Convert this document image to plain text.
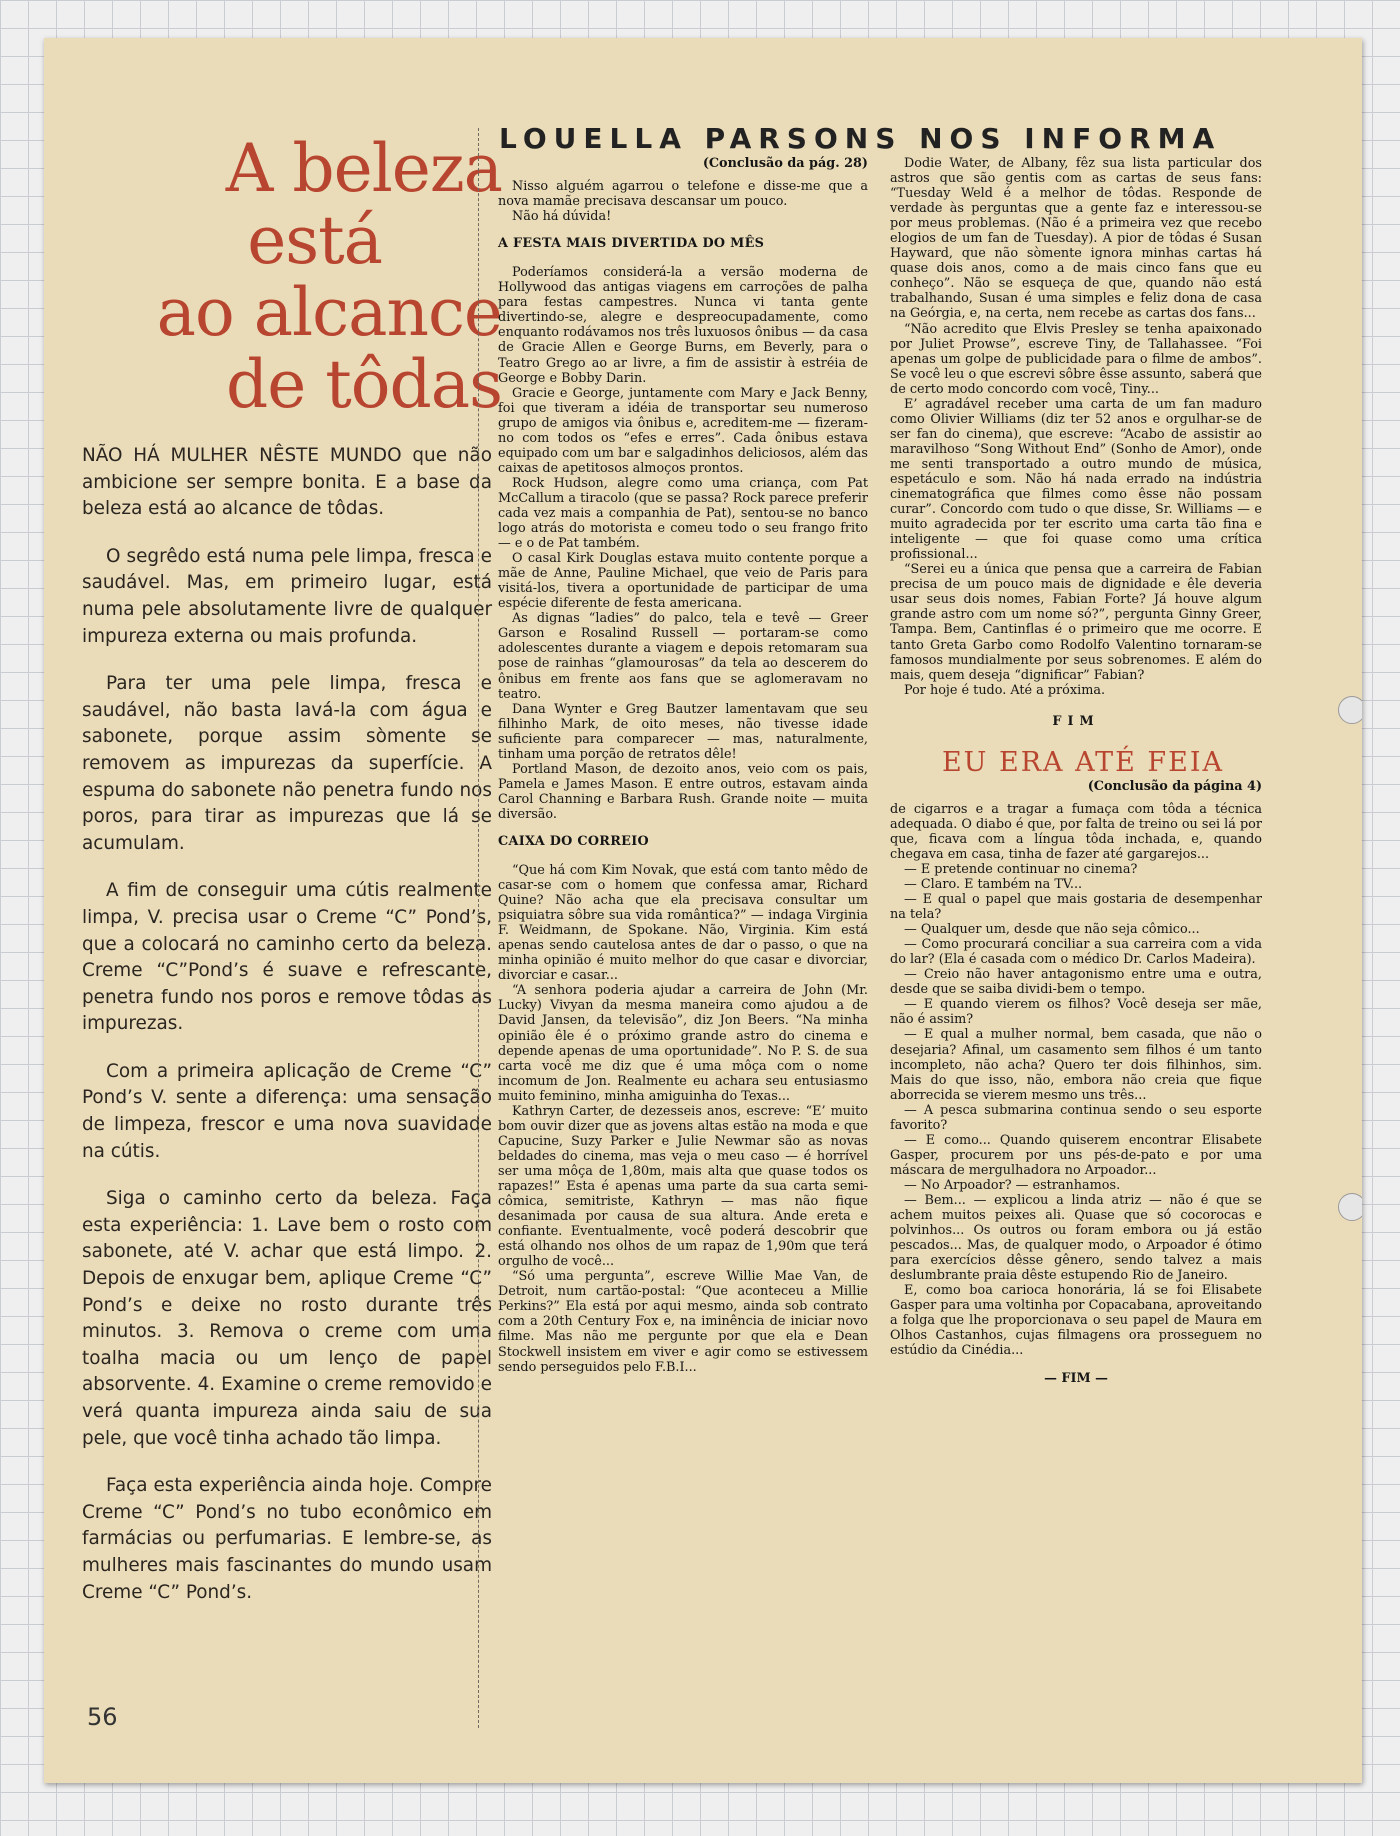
A beleza
está
ao alcance
de tôdas

NÃO HÁ MULHER NÊSTE MUNDO que não ambicione ser sempre bonita. E a base da beleza está ao alcance de tôdas.

O segrêdo está numa pele limpa, fresca e saudável. Mas, em primeiro lugar, está numa pele absolutamente livre de qualquer impureza externa ou mais profunda.

Para ter uma pele limpa, fresca e saudável, não basta lavá-la com água e sabonete, porque assim sòmente se removem as impurezas da superfície. A espuma do sabonete não penetra fundo nos poros, para tirar as impurezas que lá se acumulam.

A fim de conseguir uma cútis realmente limpa, V. precisa usar o Creme “C” Pond’s, que a colocará no caminho certo da beleza. Creme “C”Pond’s é suave e refrescante, penetra fundo nos poros e remove tôdas as impurezas.

Com a primeira aplicação de Creme “C” Pond’s V. sente a diferença: uma sensação de limpeza, frescor e uma nova suavidade na cútis.

Siga o caminho certo da beleza. Faça esta experiência: 1. Lave bem o rosto com sabonete, até V. achar que está limpo. 2. Depois de enxugar bem, aplique Creme “C” Pond’s e deixe no rosto durante três minutos. 3. Remova o creme com uma toalha macia ou um lenço de papel absorvente. 4. Examine o creme removido e verá quanta impureza ainda saiu de sua pele, que você tinha achado tão limpa.

Faça esta experiência ainda hoje. Compre Creme “C” Pond’s no tubo econômico em farmácias ou perfumarias. E lembre-se, as mulheres mais fascinantes do mundo usam Creme “C” Pond’s.

56
LOUELLA PARSONS NOS INFORMA

(Conclusão da pág. 28)

Nisso alguém agarrou o telefone e disse-me que a nova mamãe precisava descansar um pouco.

Não há dúvida!

A FESTA MAIS DIVERTIDA DO MÊS

Poderíamos considerá-la a versão moderna de Hollywood das antigas viagens em carroções de palha para festas campestres. Nunca vi tanta gente divertindo-se, alegre e despreocupadamente, como enquanto rodávamos nos três luxuosos ônibus — da casa de Gracie Allen e George Burns, em Beverly, para o Teatro Grego ao ar livre, a fim de assistir à estréia de George e Bobby Darin.

Gracie e George, juntamente com Mary e Jack Benny, foi que tiveram a idéia de transportar seu numeroso grupo de amigos via ônibus e, acreditem-me — fizeram-no com todos os “efes e erres”. Cada ônibus estava equipado com um bar e salgadinhos deliciosos, além das caixas de apetitosos almoços prontos.

Rock Hudson, alegre como uma criança, com Pat McCallum a tiracolo (que se passa? Rock parece preferir cada vez mais a companhia de Pat), sentou-se no banco logo atrás do motorista e comeu todo o seu frango frito — e o de Pat também.

O casal Kirk Douglas estava muito contente porque a mãe de Anne, Pauline Michael, que veio de Paris para visitá-los, tivera a oportunidade de participar de uma espécie diferente de festa americana.

As dignas “ladies” do palco, tela e tevê — Greer Garson e Rosalind Russell — portaram-se como adolescentes durante a viagem e depois retomaram sua pose de rainhas “glamourosas” da tela ao descerem do ônibus em frente aos fans que se aglomeravam no teatro.

Dana Wynter e Greg Bautzer lamentavam que seu filhinho Mark, de oito meses, não tivesse idade suficiente para comparecer — mas, naturalmente, tinham uma porção de retratos dêle!

Portland Mason, de dezoito anos, veio com os pais, Pamela e James Mason. E entre outros, estavam ainda Carol Channing e Barbara Rush. Grande noite — muita diversão.

CAIXA DO CORREIO

“Que há com Kim Novak, que está com tanto mêdo de casar-se com o homem que confessa amar, Richard Quine? Não acha que ela precisava consultar um psiquiatra sôbre sua vida romântica?” — indaga Virginia F. Weidmann, de Spokane. Não, Virginia. Kim está apenas sendo cautelosa antes de dar o passo, o que na minha opinião é muito melhor do que casar e divorciar, divorciar e casar...

“A senhora poderia ajudar a carreira de John (Mr. Lucky) Vivyan da mesma maneira como ajudou a de David Jansen, da televisão”, diz Jon Beers. “Na minha opinião êle é o próximo grande astro do cinema e depende apenas de uma oportunidade”. No P. S. de sua carta você me diz que é uma môça com o nome incomum de Jon. Realmente eu achara seu entusiasmo muito feminino, minha amiguinha do Texas...

Kathryn Carter, de dezesseis anos, escreve: “E’ muito bom ouvir dizer que as jovens altas estão na moda e que Capucine, Suzy Parker e Julie Newmar são as novas beldades do cinema, mas veja o meu caso — é horrível ser uma môça de 1,80m, mais alta que quase todos os rapazes!” Esta é apenas uma parte da sua carta semi-cômica, semitriste, Kathryn — mas não fique desanimada por causa de sua altura. Ande ereta e confiante. Eventualmente, você poderá descobrir que está olhando nos olhos de um rapaz de 1,90m que terá orgulho de você...

“Só uma pergunta”, escreve Willie Mae Van, de Detroit, num cartão-postal: “Que aconteceu a Millie Perkins?” Ela está por aqui mesmo, ainda sob contrato com a 20th Century Fox e, na iminência de iniciar novo filme. Mas não me pergunte por que ela e Dean Stockwell insistem em viver e agir como se estivessem sendo perseguidos pelo F.B.I...

Dodie Water, de Albany, fêz sua lista particular dos astros que são gentis com as cartas de seus fans: “Tuesday Weld é a melhor de tôdas. Responde de verdade às perguntas que a gente faz e interessou-se por meus problemas. (Não é a primeira vez que recebo elogios de um fan de Tuesday). A pior de tôdas é Susan Hayward, que não sòmente ignora minhas cartas há quase dois anos, como a de mais cinco fans que eu conheço”. Não se esqueça de que, quando não está trabalhando, Susan é uma simples e feliz dona de casa na Geórgia, e, na certa, nem recebe as cartas dos fans...

“Não acredito que Elvis Presley se tenha apaixonado por Juliet Prowse”, escreve Tiny, de Tallahassee. “Foi apenas um golpe de publicidade para o filme de ambos”. Se você leu o que escrevi sôbre êsse assunto, saberá que de certo modo concordo com você, Tiny...

E’ agradável receber uma carta de um fan maduro como Olivier Williams (diz ter 52 anos e orgulhar-se de ser fan do cinema), que escreve: “Acabo de assistir ao maravilhoso “Song Without End” (Sonho de Amor), onde me senti transportado a outro mundo de música, espetáculo e som. Não há nada errado na indústria cinematográfica que filmes como êsse não possam curar”. Concordo com tudo o que disse, Sr. Williams — e muito agradecida por ter escrito uma carta tão fina e inteligente — que foi quase como uma crítica profissional...

“Serei eu a única que pensa que a carreira de Fabian precisa de um pouco mais de dignidade e êle deveria usar seus dois nomes, Fabian Forte? Já houve algum grande astro com um nome só?”, pergunta Ginny Greer, Tampa. Bem, Cantinflas é o primeiro que me ocorre. E tanto Greta Garbo como Rodolfo Valentino tornaram-se famosos mundialmente por seus sobrenomes. E além do mais, quem deseja “dignificar” Fabian?

Por hoje é tudo. Até a próxima.

FIM

EU ERA ATÉ FEIA

(Conclusão da página 4)

de cigarros e a tragar a fumaça com tôda a técnica adequada. O diabo é que, por falta de treino ou sei lá por que, ficava com a língua tôda inchada, e, quando chegava em casa, tinha de fazer até gargarejos...

— E pretende continuar no cinema?

— Claro. E também na TV...

— E qual o papel que mais gostaria de desempenhar na tela?

— Qualquer um, desde que não seja cômico...

— Como procurará conciliar a sua carreira com a vida do lar? (Ela é casada com o médico Dr. Carlos Madeira).

— Creio não haver antagonismo entre uma e outra, desde que se saiba dividi-bem o tempo.

— E quando vierem os filhos? Você deseja ser mãe, não é assim?

— E qual a mulher normal, bem casada, que não o desejaria? Afinal, um casamento sem filhos é um tanto incompleto, não acha? Quero ter dois filhinhos, sim. Mais do que isso, não, embora não creia que fique aborrecida se vierem mesmo uns três...

— A pesca submarina continua sendo o seu esporte favorito?

— E como... Quando quiserem encontrar Elisabete Gasper, procurem por uns pés-de-pato e por uma máscara de mergulhadora no Arpoador...

— No Arpoador? — estranhamos.

— Bem... — explicou a linda atriz — não é que se achem muitos peixes ali. Quase que só cocorocas e polvinhos... Os outros ou foram embora ou já estão pescados... Mas, de qualquer modo, o Arpoador é ótimo para exercícios dêsse gênero, sendo talvez a mais deslumbrante praia dêste estupendo Rio de Janeiro.

E, como boa carioca honorária, lá se foi Elisabete Gasper para uma voltinha por Copacabana, aproveitando a folga que lhe proporcionava o seu papel de Maura em Olhos Castanhos, cujas filmagens ora prosseguem no estúdio da Cinédia...

— FIM —
